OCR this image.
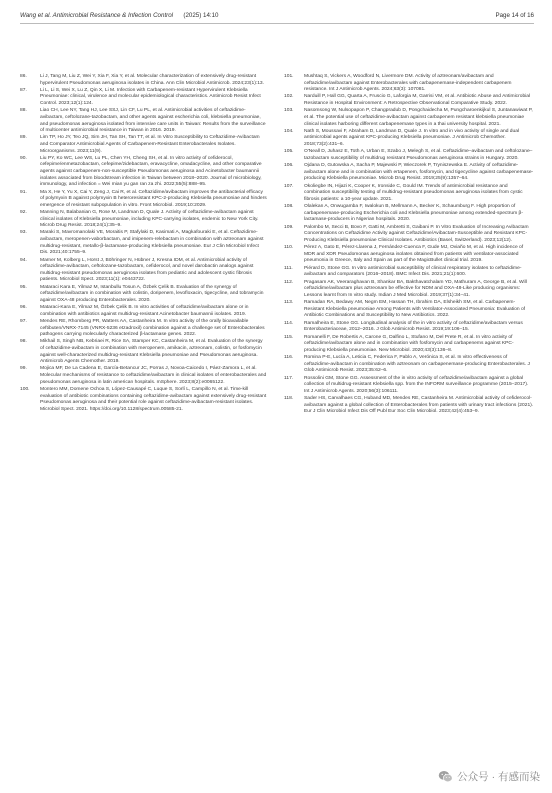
Wang et al. Antimicrobial Resistance & Infection Control (2025) 14:10	Page 14 of 16
86.	Li J, Tang M, Liu Z, Wei Y, Xia F, Xia Y, et al. Molecular characterization of extensively drug-resistant hypervirulent Pseudomonas aeruginosa isolates in China. Ann Clin Microbiol Antimicrob. 2024;23(1):13.
87.	Li L, Li S, Wei X, Lu Z, Qin X, Li M. Infection with Carbapenem-resistant Hypervirulent Klebsiella Pneumoniae: clinical, virulence and molecular epidemiological characteristics. Antimicrob Resist Infect Control. 2023;12(1):124.
88.	Liao CH, Lee NY, Tang HJ, Lee SSJ, Lin CF, Lu PL, et al. Antimicrobial activities of ceftazidime-avibactam, ceftolozane-tazobactam, and other agents against escherichia coli, klebsiella pneumoniae, and pseudomonas aeruginosa isolated from intensive care units in Taiwan: Results from the surveillance of multicenter antimicrobial resistance in Taiwan in 2016. 2019.
89.	Lim TP, Ho JY, Teo JQ, Sim JH, Tan SH, Tan TT, et al. In Vitro Susceptibility to Ceftazidime-Avibactam and Comparator Antimicrobial Agents of Carbapenem-Resistant Enterobacterales Isolates. Microorganisms. 2023;11(9).
90.	Liu PY, Ko WC, Lee WS, Lu PL, Chen YH, Cheng SH, et al. In vitro activity of cefiderocol, cefepime/enmetazobactam, cefepime/zidebactam, eravacycline, omadacycline, and other comparative agents against carbapenem-non-susceptible Pseudomonas aeruginosa and Acinetobacter baumannii isolates associated from bloodstream infection in Taiwan between 2018–2020. Journal of microbiology, immunology, and infection = Wei mian yu gan ran za zhi. 2022;55(5):888–95.
91.	Ma X, He Y, Yu X, Cai Y, Zeng J, Cai R, et al. Ceftazidime/avibactam improves the antibacterial efficacy of polymyxin B against polymyxin B heteroresistant KPC-2-producing Klebsiella pneumoniae and hinders emergence of resistant subpopulation in vitro. Front Microbiol. 2019;10:2029.
92.	Manning N, Balabanian G, Rose M, Landman D, Quale J. Activity of ceftazidime-avibactam against clinical isolates of Klebsiella pneumoniae, including KPC-carrying isolates, endemic to New York City. Microb Drug Resist. 2018;24(1):35–9.
93.	Maraki S, Mavromanolaki VE, Moraitis P, Stafylaki D, Kasimati A, Magkafouraki E, et al. Ceftazidime-avibactam, meropenen-vaborbactam, and imipenem-relebactam in combination with aztreonam against multidrug-resistant, metallo-β-lactamase-producing Klebsiella pneumoniae. Eur J Clin Microbiol Infect Dis. 2021;40:1755–9.
94.	Marner M, Kolberg L, Horst J, Böhringer N, Hübner J, Kresna IDM, et al. Antimicrobial activity of ceftazidime-avibactam, ceftolozane-tazobactam, cefiderocol, and novel darobactin analogs against multidrug-resistant pseudomonas aeruginosa isolates from pediatric and adolescent cystic fibrosis patients. Microbiol Spect. 2023;11(1): e0443722.
95.	Mataraci Kara E, Yilmaz M, Istanbullu Tosun A, Özbek Çelik B. Evaluation of the synergy of ceftazidime/avibactam in combination with colistin, doripenem, levofloxacin, tigecycline, and tobramycin against OXA-48 producing Enterobacterales. 2020.
96.	Mataraci-Kara E, Yilmaz M, Özbek Çelik B. In vitro activities of ceftazidime/avibactam alone or in combination with antibiotics against multidrug-resistant Acinetobacter baumannii isolates. 2019.
97.	Mendes RE, Rhomberg PR, Watters AA, Castanheira M. In vitro activity of the orally bioavailable ceftibuten/VNRX-7145 (VNRX-5236 etzadroxil) combination against a challenge set of Enterobacterales pathogens carrying molecularly characterized β-lactamase genes. 2022.
98.	Mikhail S, Singh NB, Kebriaei R, Rice SA, Stamper KC, Castanheira M, et al. Evaluation of the synergy of ceftazidime-avibactam in combination with meropenem, amikacin, aztreonam, colistin, or fosfomycin against well-characterized multidrug-resistant Klebsiella pneumoniae and Pseudomonas aeruginosa. Antimicrob Agents Chemother. 2019.
99.	Mojica MF, De La Cadena E, García-Betancur JC, Porras J, Novoa-Caicedo I, Páez-Zamora L, et al. Molecular mechanisms of resistance to ceftazidime/avibactam in clinical isolates of enterobacterales and pseudomonas aeruginosa in latin american hospitals. mSphere. 2023;8(2):e0065122.
100.	Montero MM, Domene Ochoa S, López-Causapé C, Luque S, Sorlí L, Campillo N, et al. Time-kill evaluation of antibiotic combinations containing ceftazidime-avibactam against extensively drug-resistant Pseudomonas aeruginosa and their potential role against ceftazidime-avibactam-resistant isolates. Microbiol Spect. 2021. https://doi.org/10.1128/spectrum.00585-21.
101.	Mushtaq S, Vickers A, Woodford N, Livermore DM. Activity of aztreonam/avibactam and ceftazidime/avibactam against Enterobacterales with carbapenemase-independent carbapenem resistance. Int J Antimicrob Agents. 2024;63(3): 107081.
102.	Narduill P, Hall GG, Quarta A, Fruscio G, Laforgia M, Garrisi VM, et al. Antibiotic Abuse and Antimicrobial Resistance in Hospital Environment: A Retrospective Observational Comparative Study. 2022.
103.	Nasomsong W, Nulsopapon P, Changpradub D, Pongchaidecha M, Pungcharoenkijkul S, Juntanawiwat P, et al. The potential use of ceftazidime-avibactam against carbapenem resistant klebsiella pneumoniae clinical isolates harboring different carbapenemase types in a thai university hospital. 2021.
104.	Nath S, Moussavi F, Abraham D, Landman D, Quale J. In vitro and in vivo activity of single and dual antimicrobial agents against KPC-producing Klebsiella pneumoniae. J Antimicrob Chemother. 2018;73(2):431–6.
105.	O'Neall D, Juhasz E, Toth A, Urban E, Szabo J, Melegh S, et al. Ceftazidime–avibactam and ceftolozane–tazobactam susceptibility of multidrug resistant Pseudomonas aeruginosa strains in Hungary. 2020.
106.	Ojdana D, Gutowska A, Sacha P, Majewski P, Wieczorek P, Tryniszewska E. Activity of ceftazidime-avibactam alone and in combination with ertapenem, fosfomycin, and tigecycline against carbapenemase-producing Klebsiella pneumoniae. Microb Drug Resist. 2019;25(9):1357–64.
107.	Okoliegbe IN, Hijazi K, Cooper K, Ironside C, Gould IM. Trends of antimicrobial resistance and combination susceptibility testing of multidrug-resistant pseudomonas aeruginosa isolates from cystic fibrosis patients: a 10-year update. 2021.
108.	Olalekan A, Onwugamba F, Iwalokun B, Mellmann A, Becker K, Schaumburg F. High proportion of carbapenemase-producing Escherichia coli and Klebsiella pneumoniae among extended-spectrum β-lactamase-producers in Nigerian hospitals. 2020.
109.	Palombo M, Secci B, Bovo F, Gatti M, Ambretti S, Gaibani P. In Vitro Evaluation of Increasing Avibactam Concentrations on Ceftazidime Activity against Ceftazidime/Avibactam-Susceptible and Resistant KPC-Producing Klebsiella pneumoniae Clinical Isolates. Antibiotics (Basel, Switzerland). 2023;12(12).
110.	Pérez A, Gato E, Pérez-Llarena J, Fernández-Cuenca F, Gude MJ, Oviaño M, et al. High incidence of MDR and XDR Pseudomonas aeruginosa isolates obtained from patients with ventilator-associated pneumonia in Greece, Italy and Spain as part of the MagicBullet clinical trial. 2019.
111.	Piérard D, Stone GG. In vitro antimicrobial susceptibility of clinical respiratory isolates to ceftazidime-avibactam and comparators (2016–2018). BMC Infect Dis. 2021;21(1):600.
112.	Pragasam AK, Veeraraghavan B, Shankar BA, Bakthavatchalam YD, Mathuram A, George B, et al. Will ceftazidime/avibactam plus aztreonam be effective for NDM and OXA-48-Like producing organisms: Lessons learnt from In vitro study. Indian J Med Microbiol. 2019;37(1):34–41.
113.	Ramadan RA, Bedawy AM, Negm EM, Hassan TH, Ibrahim DA, Elsheikh SM, et al. Carbapenem-Resistant Klebsiella pneumoniae Among Patients with Ventilator-Associated Pneumonia: Evaluation of Antibiotic Combinations and Susceptibility to New Antibiotics. 2022.
114.	Ramalheira E, Stone GG. Longitudinal analysis of the in vitro activity of ceftazidime/avibactam versus Enterobacteriaceae, 2012–2016. J Glob Antimicrob Resist. 2019;19:106–15.
115.	Romanelli F, De Robertis A, Carone G, Dalfino L, Stufano M, Del Prete R, et al. In vitro activity of ceftazidime/avibactam alone and in combination with fosfomycin and carbapenems against KPC-producing Klebsiella pneumoniae. New Microbiol. 2020;43(3):136–8.
116.	Romina P-E, Lucía A, Leticia C, Federica F, Pablo A, Verónica S, et al. In vitro effectiveness of ceftazidime-avibactam in combination with aztreonam on carbapenemase-producing Enterobacterales. J Glob Antimicrob Resist. 2023;35:62–6.
117.	Rossolini GM, Stone GG. Assessment of the in vitro activity of ceftazidime/avibactam against a global collection of multidrug-resistant Klebsiella spp. from the INFORM surveillance programme (2015–2017). Int J Antimicrob Agents. 2020;56(3):106111.
118.	Sader HS, Carvalhaes CG, Huband MD, Mendes RE, Castanheira M. Antimicrobial activity of cefiderocol-avibactam against a global collection of Enterobacterales from patients with urinary tract infections (2021). Eur J Clin Microbiol Infect Dis Off Publ Eur Soc Clin Microbiol. 2023;42(4):453–9.
公众号 · 有感而染
